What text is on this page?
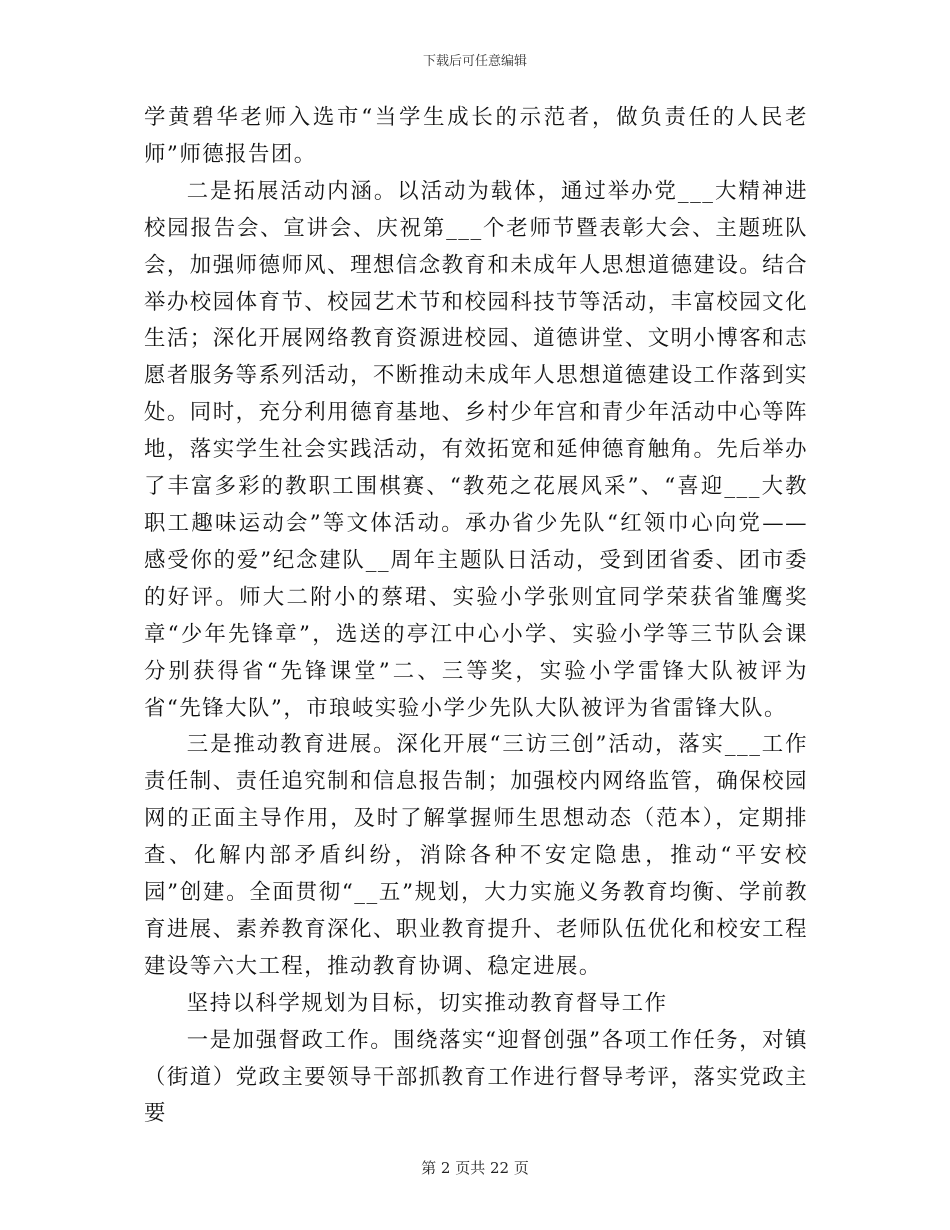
下载后可任意编辑

学黄碧华老师入选市“当学生成长的示范者，做负责任的人民老师”师德报告团。

二是拓展活动内涵。以活动为载体，通过举办党___大精神进校园报告会、宣讲会、庆祝第___个老师节暨表彰大会、主题班队会，加强师德师风、理想信念教育和未成年人思想道德建设。结合举办校园体育节、校园艺术节和校园科技节等活动，丰富校园文化生活；深化开展网络教育资源进校园、道德讲堂、文明小博客和志愿者服务等系列活动，不断推动未成年人思想道德建设工作落到实处。同时，充分利用德育基地、乡村少年宫和青少年活动中心等阵地，落实学生社会实践活动，有效拓宽和延伸德育触角。先后举办了丰富多彩的教职工围棋赛、“教苑之花展风采”、“喜迎___大教职工趣味运动会”等文体活动。承办省少先队“红领巾心向党——感受你的爱”纪念建队__周年主题队日活动，受到团省委、团市委的好评。师大二附小的蔡珺、实验小学张则宜同学荣获省雏鹰奖章“少年先锋章”，选送的亭江中心小学、实验小学等三节队会课分别获得省“先锋课堂”二、三等奖，实验小学雷锋大队被评为省“先锋大队”，市琅岐实验小学少先队大队被评为省雷锋大队。

三是推动教育进展。深化开展“三访三创”活动，落实___工作责任制、责任追究制和信息报告制；加强校内网络监管，确保校园网的正面主导作用，及时了解掌握师生思想动态（范本），定期排查、化解内部矛盾纠纷，消除各种不安定隐患，推动“平安校园”创建。全面贯彻“__五”规划，大力实施义务教育均衡、学前教育进展、素养教育深化、职业教育提升、老师队伍优化和校安工程建设等六大工程，推动教育协调、稳定进展。

坚持以科学规划为目标，切实推动教育督导工作

一是加强督政工作。围绕落实“迎督创强”各项工作任务，对镇（街道）党政主要领导干部抓教育工作进行督导考评，落实党政主要

第 2 页共 22 页
